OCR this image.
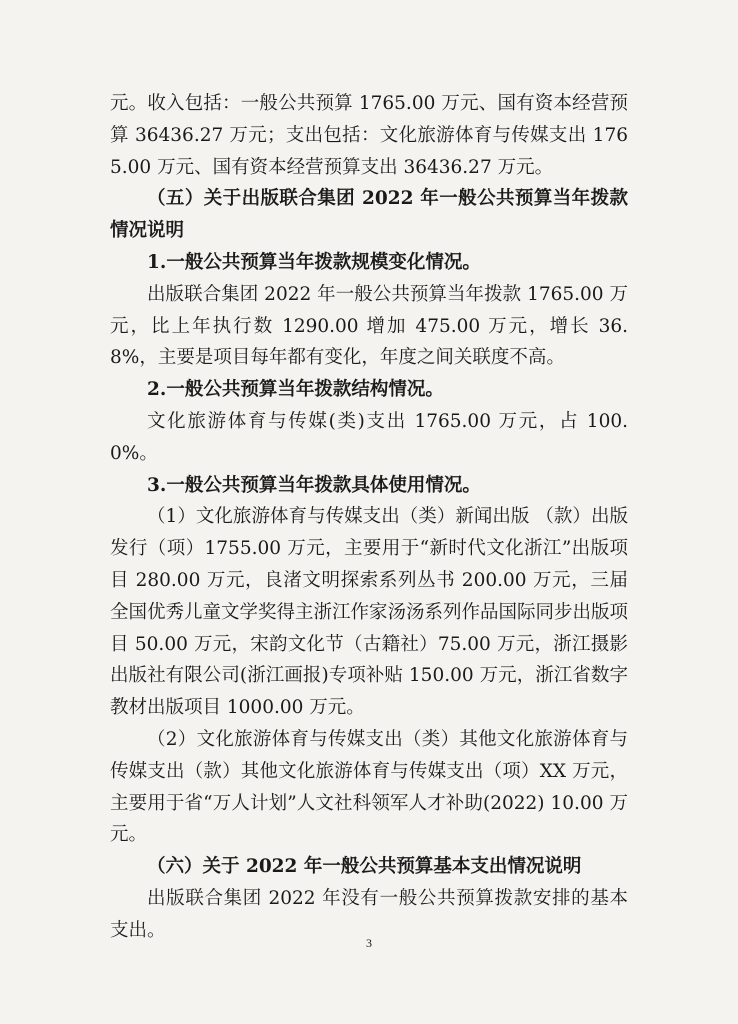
元。收入包括：一般公共预算 1765.00 万元、国有资本经营预算 36436.27 万元；支出包括：文化旅游体育与传媒支出 1765.00 万元、国有资本经营预算支出 36436.27 万元。

（五）关于出版联合集团 2022 年一般公共预算当年拨款情况说明

1.一般公共预算当年拨款规模变化情况。

出版联合集团 2022 年一般公共预算当年拨款 1765.00 万元，比上年执行数 1290.00 增加 475.00 万元，增长 36.8%，主要是项目每年都有变化，年度之间关联度不高。

2.一般公共预算当年拨款结构情况。

文化旅游体育与传媒(类)支出 1765.00 万元，占 100.0%。

3.一般公共预算当年拨款具体使用情况。

（1）文化旅游体育与传媒支出（类）新闻出版 （款）出版发行（项）1755.00 万元，主要用于“新时代文化浙江”出版项目 280.00 万元，良渚文明探索系列丛书 200.00 万元，三届全国优秀儿童文学奖得主浙江作家汤汤系列作品国际同步出版项目 50.00 万元，宋韵文化节（古籍社）75.00 万元，浙江摄影出版社有限公司(浙江画报)专项补贴 150.00 万元，浙江省数字教材出版项目 1000.00 万元。

（2）文化旅游体育与传媒支出（类）其他文化旅游体育与传媒支出（款）其他文化旅游体育与传媒支出（项）XX 万元，主要用于省“万人计划”人文社科领军人才补助(2022) 10.00 万元。

（六）关于 2022 年一般公共预算基本支出情况说明

出版联合集团 2022 年没有一般公共预算拨款安排的基本支出。

3
